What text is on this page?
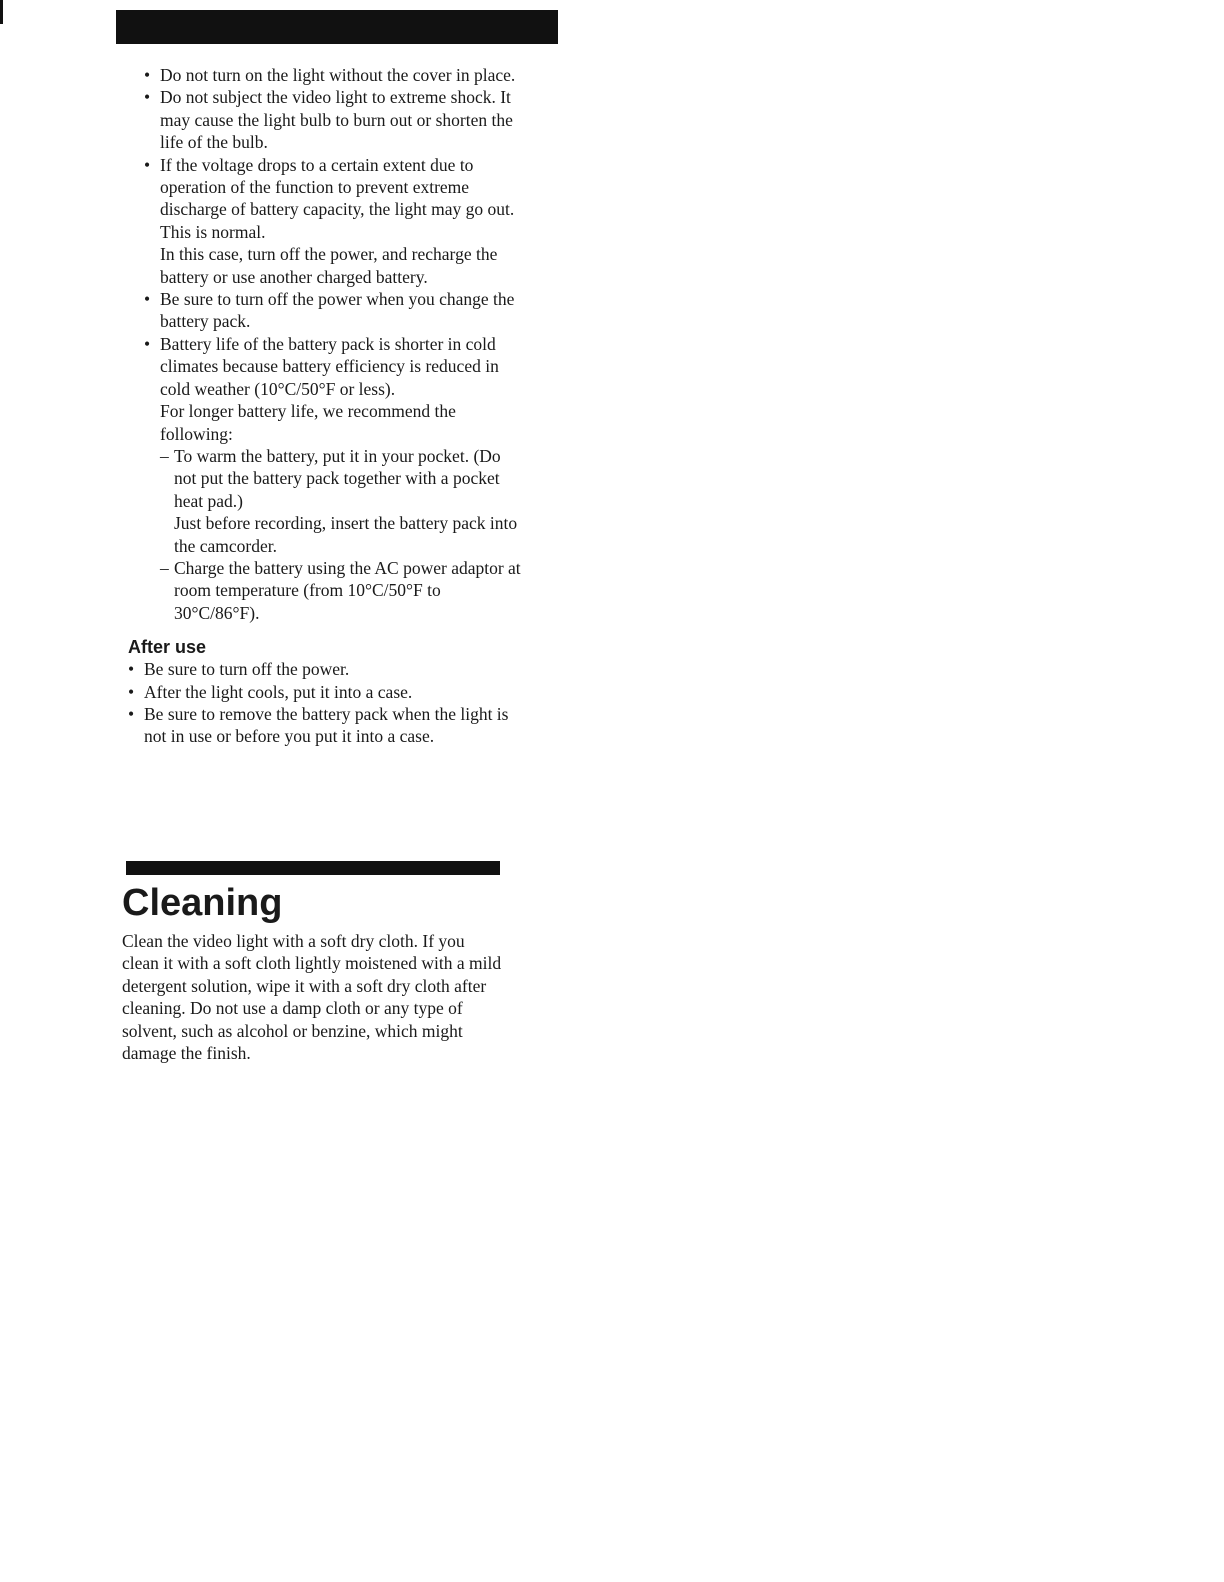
• Do not turn on the light without the cover in place.
• Do not subject the video light to extreme shock. It may cause the light bulb to burn out or shorten the life of the bulb.
• If the voltage drops to a certain extent due to operation of the function to prevent extreme discharge of battery capacity, the light may go out. This is normal.
In this case, turn off the power, and recharge the battery or use another charged battery.
• Be sure to turn off the power when you change the battery pack.
• Battery life of the battery pack is shorter in cold climates because battery efficiency is reduced in cold weather (10°C/50°F or less).
For longer battery life, we recommend the following:
– To warm the battery, put it in your pocket. (Do not put the battery pack together with a pocket heat pad.)
Just before recording, insert the battery pack into the camcorder.
– Charge the battery using the AC power adaptor at room temperature (from 10°C/50°F to 30°C/86°F).
After use
• Be sure to turn off the power.
• After the light cools, put it into a case.
• Be sure to remove the battery pack when the light is not in use or before you put it into a case.
Cleaning

Clean the video light with a soft dry cloth. If you clean it with a soft cloth lightly moistened with a mild detergent solution, wipe it with a soft dry cloth after cleaning. Do not use a damp cloth or any type of solvent, such as alcohol or benzine, which might damage the finish.
